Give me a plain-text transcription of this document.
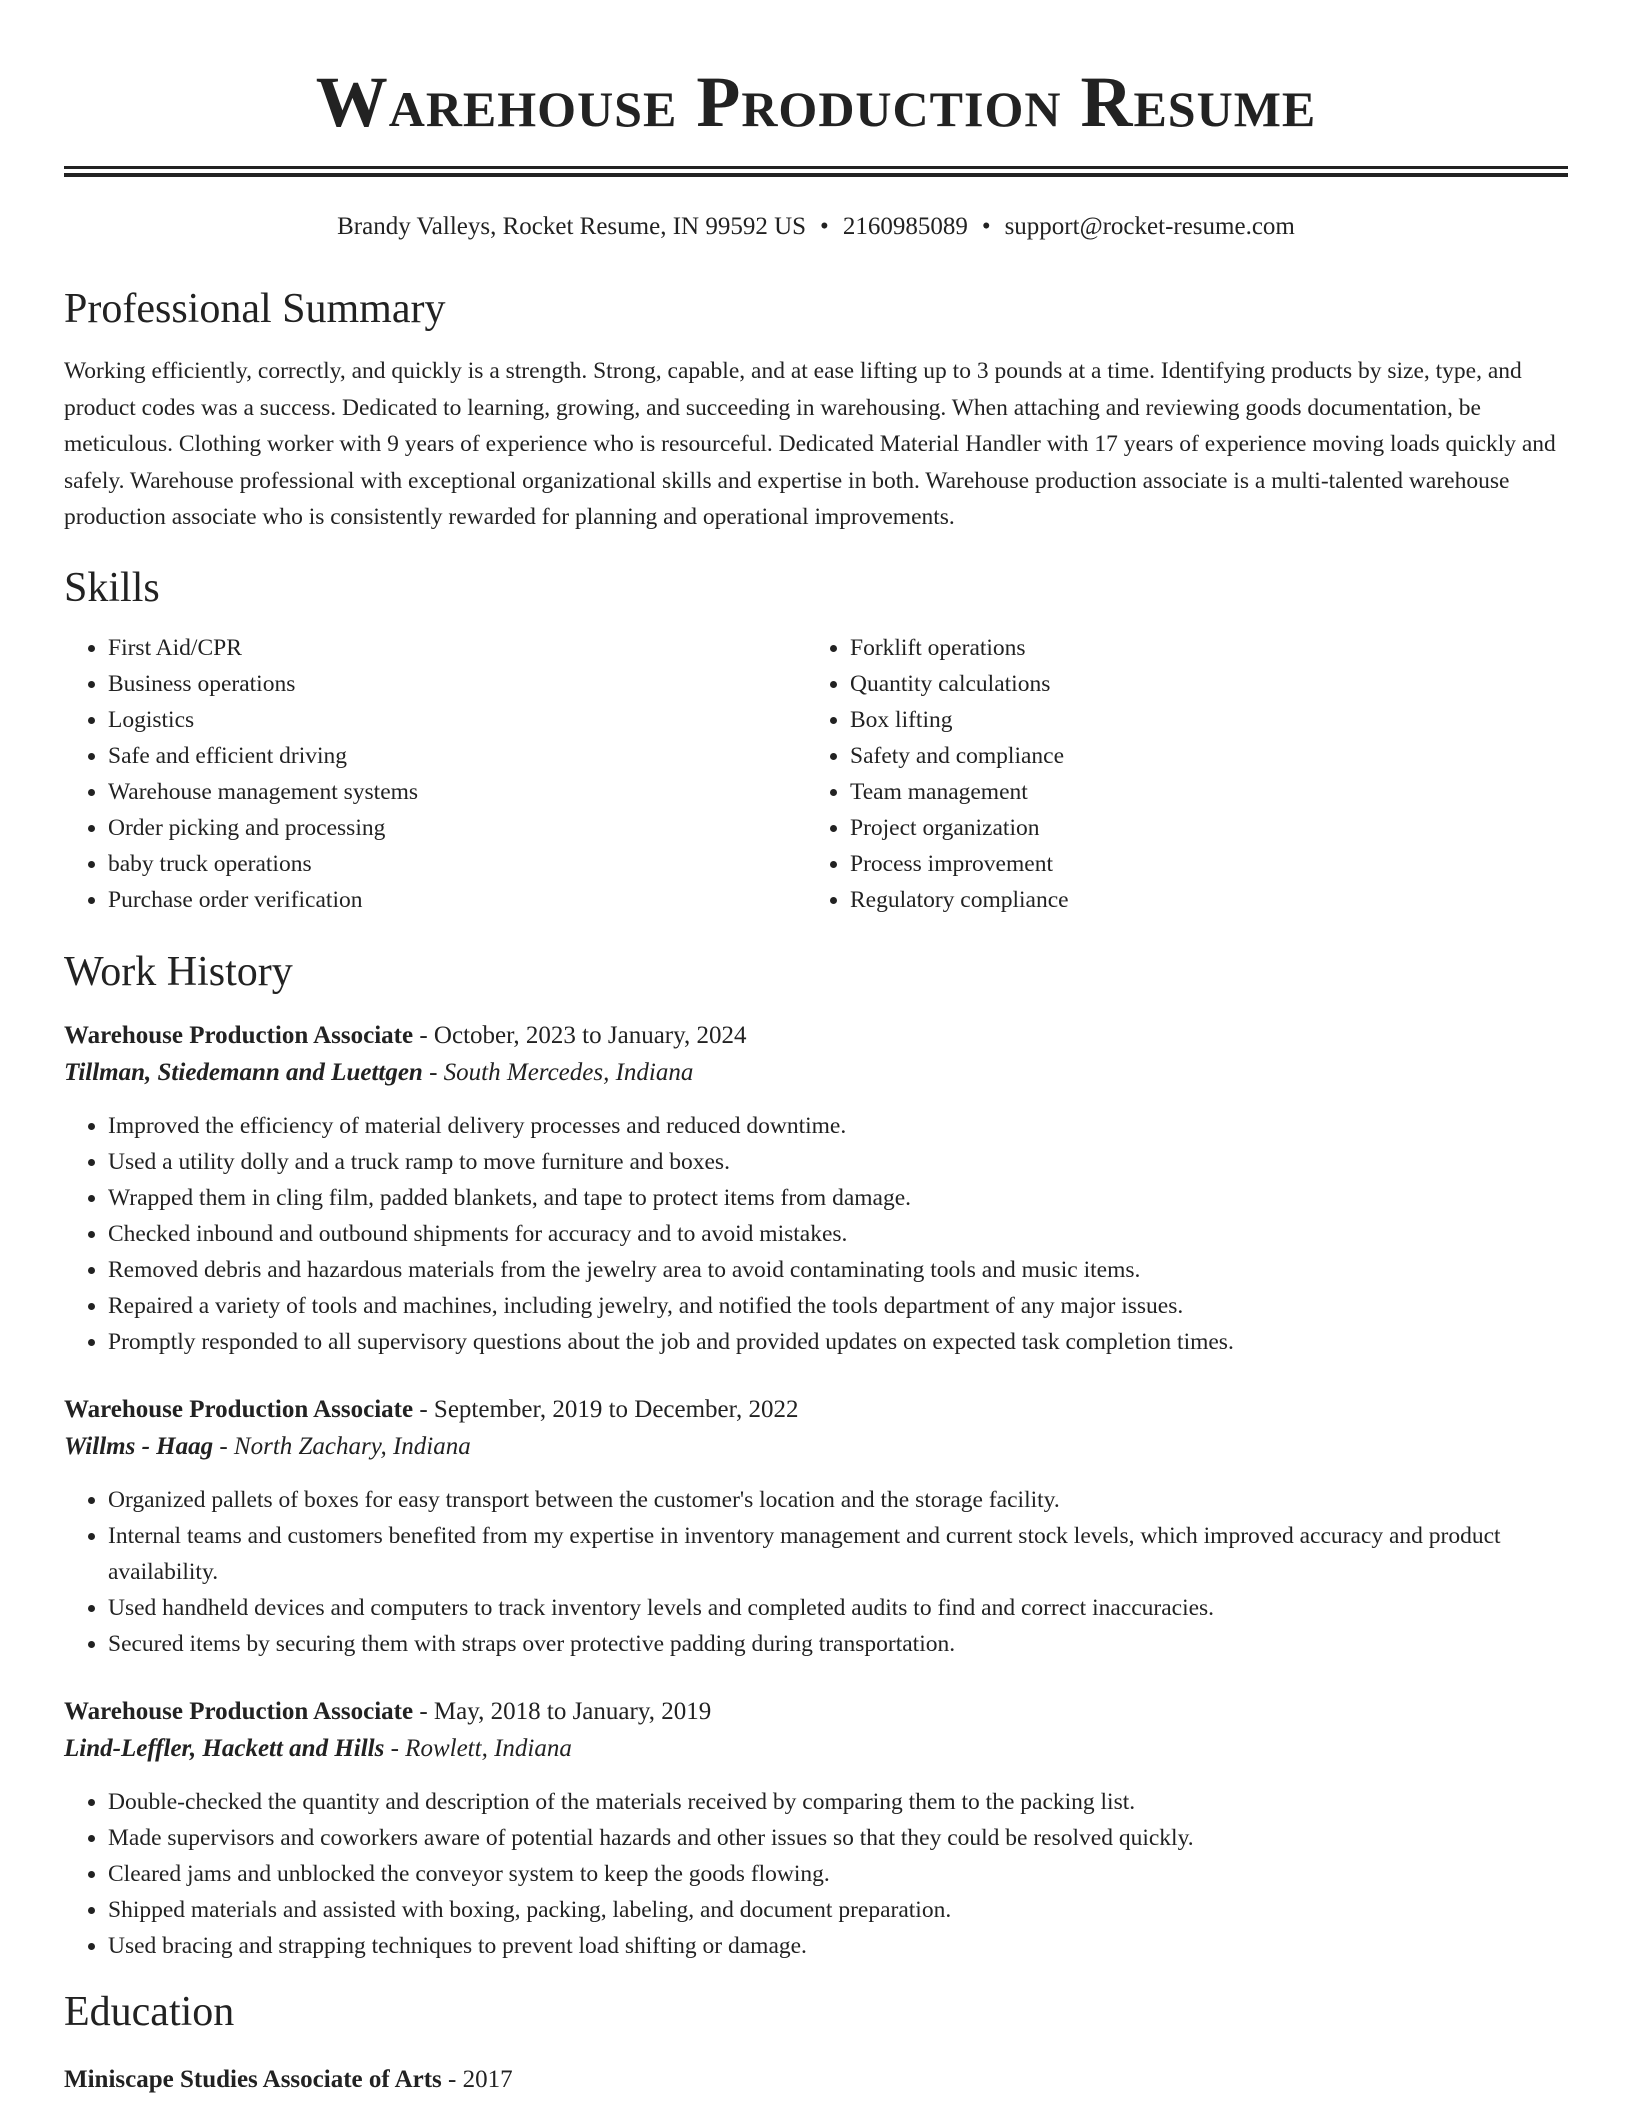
Warehouse Production Resume
Brandy Valleys, Rocket Resume, IN 99592 US • 2160985089 • support@rocket-resume.com
Professional Summary

Working efficiently, correctly, and quickly is a strength. Strong, capable, and at ease lifting up to 3 pounds at a time. Identifying products by size, type, and product codes was a success. Dedicated to learning, growing, and succeeding in warehousing. When attaching and reviewing goods documentation, be meticulous. Clothing worker with 9 years of experience who is resourceful. Dedicated Material Handler with 17 years of experience moving loads quickly and safely. Warehouse professional with exceptional organizational skills and expertise in both. Warehouse production associate is a multi-talented warehouse production associate who is consistently rewarded for planning and operational improvements.

Skills
• First Aid/CPR
• Business operations
• Logistics
• Safe and efficient driving
• Warehouse management systems
• Order picking and processing
• baby truck operations
• Purchase order verification
• Forklift operations
• Quantity calculations
• Box lifting
• Safety and compliance
• Team management
• Project organization
• Process improvement
• Regulatory compliance
Work History
Warehouse Production Associate - October, 2023 to January, 2024
Tillman, Stiedemann and Luettgen - South Mercedes, Indiana
• Improved the efficiency of material delivery processes and reduced downtime.
• Used a utility dolly and a truck ramp to move furniture and boxes.
• Wrapped them in cling film, padded blankets, and tape to protect items from damage.
• Checked inbound and outbound shipments for accuracy and to avoid mistakes.
• Removed debris and hazardous materials from the jewelry area to avoid contaminating tools and music items.
• Repaired a variety of tools and machines, including jewelry, and notified the tools department of any major issues.
• Promptly responded to all supervisory questions about the job and provided updates on expected task completion times.
Warehouse Production Associate - September, 2019 to December, 2022
Willms - Haag - North Zachary, Indiana
• Organized pallets of boxes for easy transport between the customer's location and the storage facility.
• Internal teams and customers benefited from my expertise in inventory management and current stock levels, which improved accuracy and product availability.
• Used handheld devices and computers to track inventory levels and completed audits to find and correct inaccuracies.
• Secured items by securing them with straps over protective padding during transportation.
Warehouse Production Associate - May, 2018 to January, 2019
Lind-Leffler, Hackett and Hills - Rowlett, Indiana
• Double-checked the quantity and description of the materials received by comparing them to the packing list.
• Made supervisors and coworkers aware of potential hazards and other issues so that they could be resolved quickly.
• Cleared jams and unblocked the conveyor system to keep the goods flowing.
• Shipped materials and assisted with boxing, packing, labeling, and document preparation.
• Used bracing and strapping techniques to prevent load shifting or damage.
Education
Miniscape Studies Associate of Arts - 2017
